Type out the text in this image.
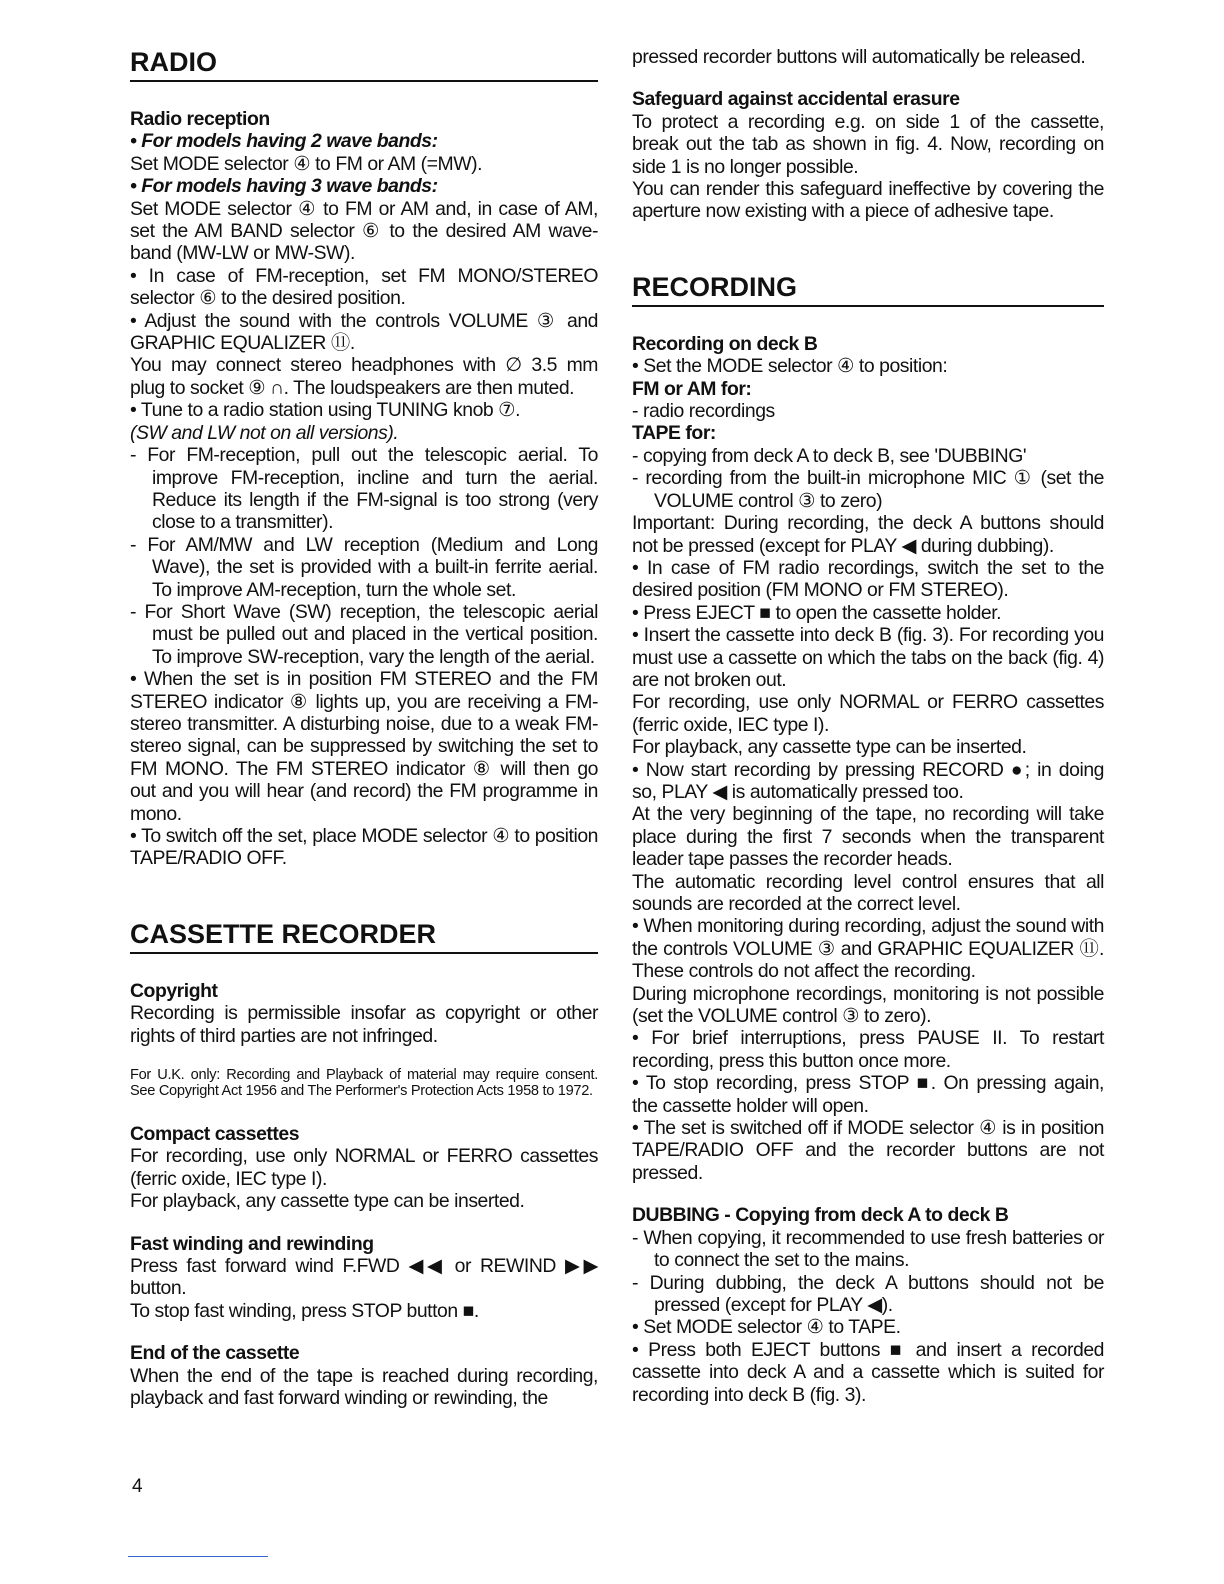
RADIO

Radio reception

• For models having 2 wave bands:

Set MODE selector ④ to FM or AM (=MW).

• For models having 3 wave bands:

Set MODE selector ④ to FM or AM and, in case of AM, set the AM BAND selector ⑥ to the desired AM wave-band (MW-LW or MW-SW).

• In case of FM-reception, set FM MONO/STEREO selector ⑥ to the desired position.

• Adjust the sound with the controls VOLUME ③ and GRAPHIC EQUALIZER ⑪.

You may connect stereo headphones with ∅ 3.5 mm plug to socket ⑨ ∩. The loudspeakers are then muted.

• Tune to a radio station using TUNING knob ⑦.

(SW and LW not on all versions).

- For FM-reception, pull out the telescopic aerial. To improve FM-reception, incline and turn the aerial. Reduce its length if the FM-signal is too strong (very close to a transmitter).

- For AM/MW and LW reception (Medium and Long Wave), the set is provided with a built-in ferrite aerial. To improve AM-reception, turn the whole set.

- For Short Wave (SW) reception, the telescopic aerial must be pulled out and placed in the vertical position. To improve SW-reception, vary the length of the aerial.

• When the set is in position FM STEREO and the FM STEREO indicator ⑧ lights up, you are receiving a FM-stereo transmitter. A disturbing noise, due to a weak FM-stereo signal, can be suppressed by switching the set to FM MONO. The FM STEREO indicator ⑧ will then go out and you will hear (and record) the FM programme in mono.

• To switch off the set, place MODE selector ④ to position TAPE/RADIO OFF.

CASSETTE RECORDER

Copyright

Recording is permissible insofar as copyright or other rights of third parties are not infringed.

For U.K. only: Recording and Playback of material may require consent. See Copyright Act 1956 and The Performer's Protection Acts 1958 to 1972.

Compact cassettes

For recording, use only NORMAL or FERRO cassettes (ferric oxide, IEC type I).

For playback, any cassette type can be inserted.

Fast winding and rewinding

Press fast forward wind F.FWD ◀◀ or REWIND ▶▶ button.

To stop fast winding, press STOP button ■.

End of the cassette

When the end of the tape is reached during recording, playback and fast forward winding or rewinding, the

pressed recorder buttons will automatically be released.

Safeguard against accidental erasure

To protect a recording e.g. on side 1 of the cassette, break out the tab as shown in fig. 4. Now, recording on side 1 is no longer possible.

You can render this safeguard ineffective by covering the aperture now existing with a piece of adhesive tape.

RECORDING

Recording on deck B

• Set the MODE selector ④ to position:

FM or AM for:

- radio recordings

TAPE for:

- copying from deck A to deck B, see 'DUBBING'

- recording from the built-in microphone MIC ① (set the VOLUME control ③ to zero)

Important: During recording, the deck A buttons should not be pressed (except for PLAY ◀ during dubbing).

• In case of FM radio recordings, switch the set to the desired position (FM MONO or FM STEREO).

• Press EJECT ■ to open the cassette holder.

• Insert the cassette into deck B (fig. 3). For recording you must use a cassette on which the tabs on the back (fig. 4) are not broken out.

For recording, use only NORMAL or FERRO cassettes (ferric oxide, IEC type I).

For playback, any cassette type can be inserted.

• Now start recording by pressing RECORD ●; in doing so, PLAY ◀ is automatically pressed too.

At the very beginning of the tape, no recording will take place during the first 7 seconds when the transparent leader tape passes the recorder heads.

The automatic recording level control ensures that all sounds are recorded at the correct level.

• When monitoring during recording, adjust the sound with the controls VOLUME ③ and GRAPHIC EQUALIZER ⑪. These controls do not affect the recording.

During microphone recordings, monitoring is not possible (set the VOLUME control ③ to zero).

• For brief interruptions, press PAUSE II. To restart recording, press this button once more.

• To stop recording, press STOP ■. On pressing again, the cassette holder will open.

• The set is switched off if MODE selector ④ is in position TAPE/RADIO OFF and the recorder buttons are not pressed.

DUBBING - Copying from deck A to deck B

- When copying, it recommended to use fresh batteries or to connect the set to the mains.

- During dubbing, the deck A buttons should not be pressed (except for PLAY ◀).

• Set MODE selector ④ to TAPE.

• Press both EJECT buttons ■ and insert a recorded cassette into deck A and a cassette which is suited for recording into deck B (fig. 3).

4
